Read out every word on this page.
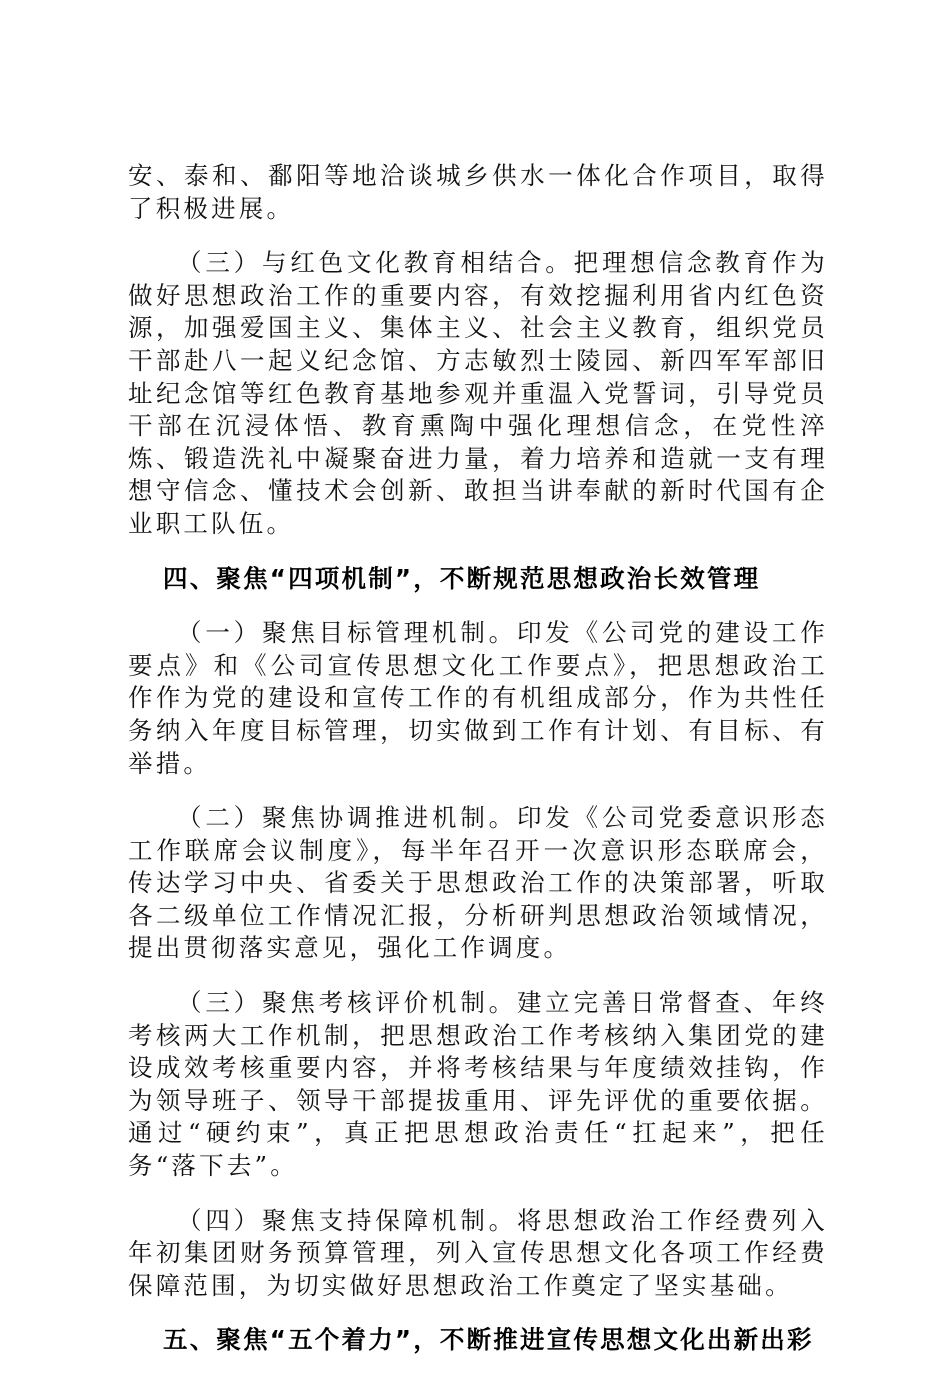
安、泰和、鄱阳等地洽谈城乡供水一体化合作项目，取得了积极进展。

（三）与红色文化教育相结合。把理想信念教育作为做好思想政治工作的重要内容，有效挖掘利用省内红色资源，加强爱国主义、集体主义、社会主义教育，组织党员干部赴八一起义纪念馆、方志敏烈士陵园、新四军军部旧址纪念馆等红色教育基地参观并重温入党誓词，引导党员干部在沉浸体悟、教育熏陶中强化理想信念，在党性淬炼、锻造洗礼中凝聚奋进力量，着力培养和造就一支有理想守信念、懂技术会创新、敢担当讲奉献的新时代国有企业职工队伍。

四、聚焦“四项机制”，不断规范思想政治长效管理

（一）聚焦目标管理机制。印发《公司党的建设工作要点》和《公司宣传思想文化工作要点》，把思想政治工作作为党的建设和宣传工作的有机组成部分，作为共性任务纳入年度目标管理，切实做到工作有计划、有目标、有举措。

（二）聚焦协调推进机制。印发《公司党委意识形态工作联席会议制度》，每半年召开一次意识形态联席会，传达学习中央、省委关于思想政治工作的决策部署，听取各二级单位工作情况汇报，分析研判思想政治领域情况，提出贯彻落实意见，强化工作调度。

（三）聚焦考核评价机制。建立完善日常督查、年终考核两大工作机制，把思想政治工作考核纳入集团党的建设成效考核重要内容，并将考核结果与年度绩效挂钩，作为领导班子、领导干部提拔重用、评先评优的重要依据。通过“硬约束”，真正把思想政治责任“扛起来”，把任务“落下去”。

（四）聚焦支持保障机制。将思想政治工作经费列入年初集团财务预算管理，列入宣传思想文化各项工作经费保障范围，为切实做好思想政治工作奠定了坚实基础。

五、聚焦“五个着力”，不断推进宣传思想文化出新出彩
